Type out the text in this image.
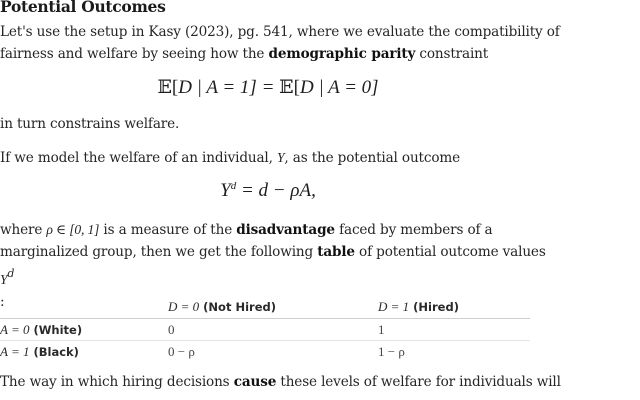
Potential Outcomes
Let's use the setup in Kasy (2023), pg. 541, where we evaluate the compatibility of fairness and welfare by seeing how the demographic parity constraint
𝔼[D | A = 1] = 𝔼[D | A = 0]
in turn constrains welfare.
If we model the welfare of an individual, Y, as the potential outcome
$Y^d = d - \rho A$,
where ρ ∈ [0, 1] is a measure of the disadvantage faced by members of a marginalized group, then we get the following table of potential outcome values $Y^d$
:
		D = 0 (Not Hired)	D = 1 (Hired)
A = 0 (White)	0	1
A = 1 (Black)	0 − ρ	1 − ρ
The way in which hiring decisions cause these levels of welfare for individuals will
